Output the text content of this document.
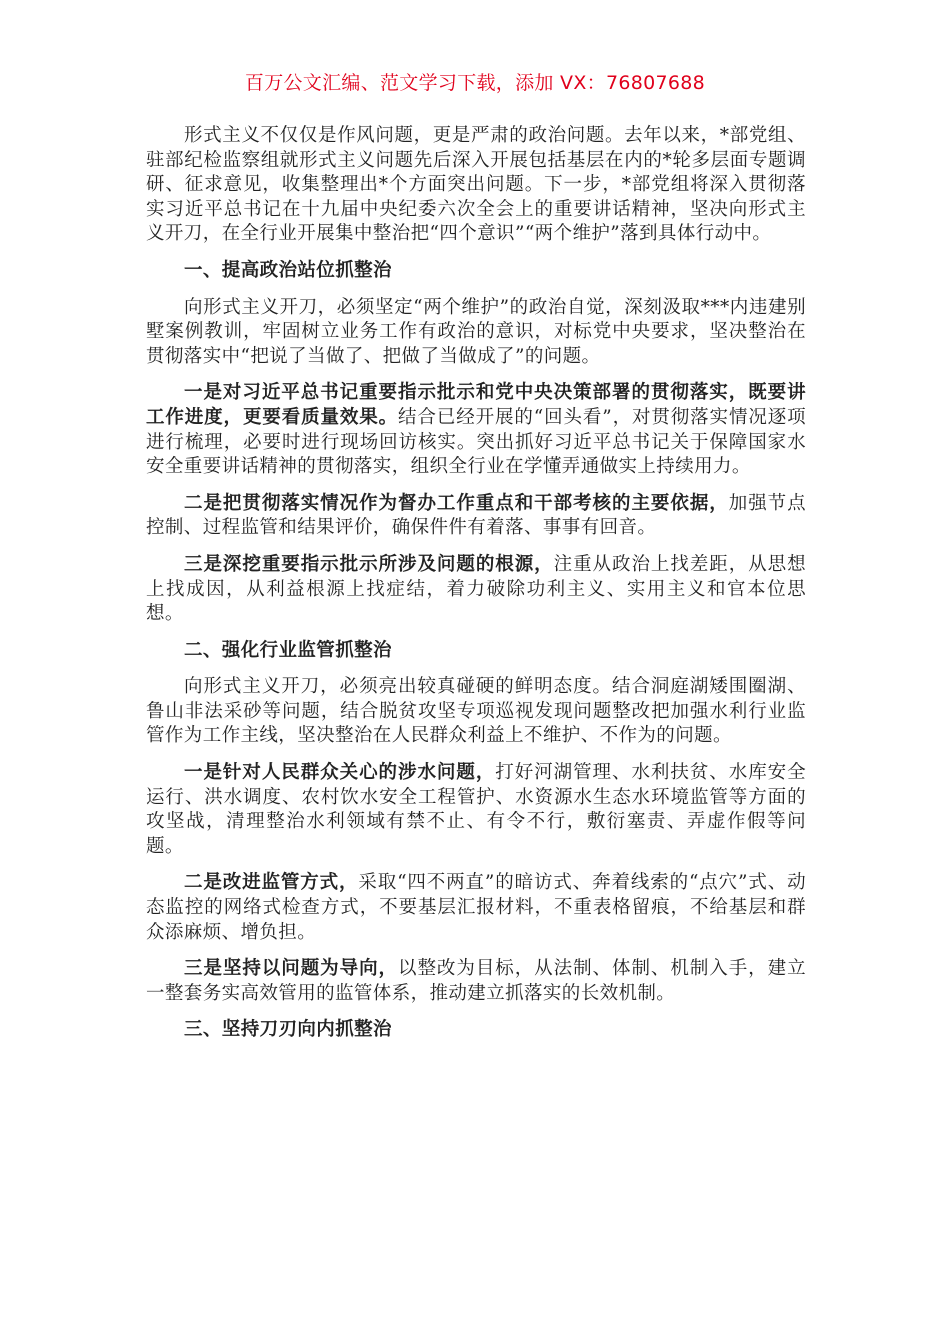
百万公文汇编、范文学习下载，添加 VX：76807688

形式主义不仅仅是作风问题，更是严肃的政治问题。去年以来，*部党组、驻部纪检监察组就形式主义问题先后深入开展包括基层在内的*轮多层面专题调研、征求意见，收集整理出*个方面突出问题。下一步，*部党组将深入贯彻落实习近平总书记在十九届中央纪委六次全会上的重要讲话精神，坚决向形式主义开刀，在全行业开展集中整治把“四个意识”“两个维护”落到具体行动中。

一、提高政治站位抓整治

向形式主义开刀，必须坚定“两个维护”的政治自觉，深刻汲取***内违建别墅案例教训，牢固树立业务工作有政治的意识，对标党中央要求，坚决整治在贯彻落实中“把说了当做了、把做了当做成了”的问题。

一是对习近平总书记重要指示批示和党中央决策部署的贯彻落实，既要讲工作进度，更要看质量效果。结合已经开展的“回头看”，对贯彻落实情况逐项进行梳理，必要时进行现场回访核实。突出抓好习近平总书记关于保障国家水安全重要讲话精神的贯彻落实，组织全行业在学懂弄通做实上持续用力。

二是把贯彻落实情况作为督办工作重点和干部考核的主要依据，加强节点控制、过程监管和结果评价，确保件件有着落、事事有回音。

三是深挖重要指示批示所涉及问题的根源，注重从政治上找差距，从思想上找成因，从利益根源上找症结，着力破除功利主义、实用主义和官本位思想。

二、强化行业监管抓整治

向形式主义开刀，必须亮出较真碰硬的鲜明态度。结合洞庭湖矮围圈湖、鲁山非法采砂等问题，结合脱贫攻坚专项巡视发现问题整改把加强水利行业监管作为工作主线，坚决整治在人民群众利益上不维护、不作为的问题。

一是针对人民群众关心的涉水问题，打好河湖管理、水利扶贫、水库安全运行、洪水调度、农村饮水安全工程管护、水资源水生态水环境监管等方面的攻坚战，清理整治水利领域有禁不止、有令不行，敷衍塞责、弄虚作假等问题。

二是改进监管方式，采取“四不两直”的暗访式、奔着线索的“点穴”式、动态监控的网络式检查方式，不要基层汇报材料，不重表格留痕，不给基层和群众添麻烦、增负担。

三是坚持以问题为导向，以整改为目标，从法制、体制、机制入手，建立一整套务实高效管用的监管体系，推动建立抓落实的长效机制。

三、坚持刀刃向内抓整治
